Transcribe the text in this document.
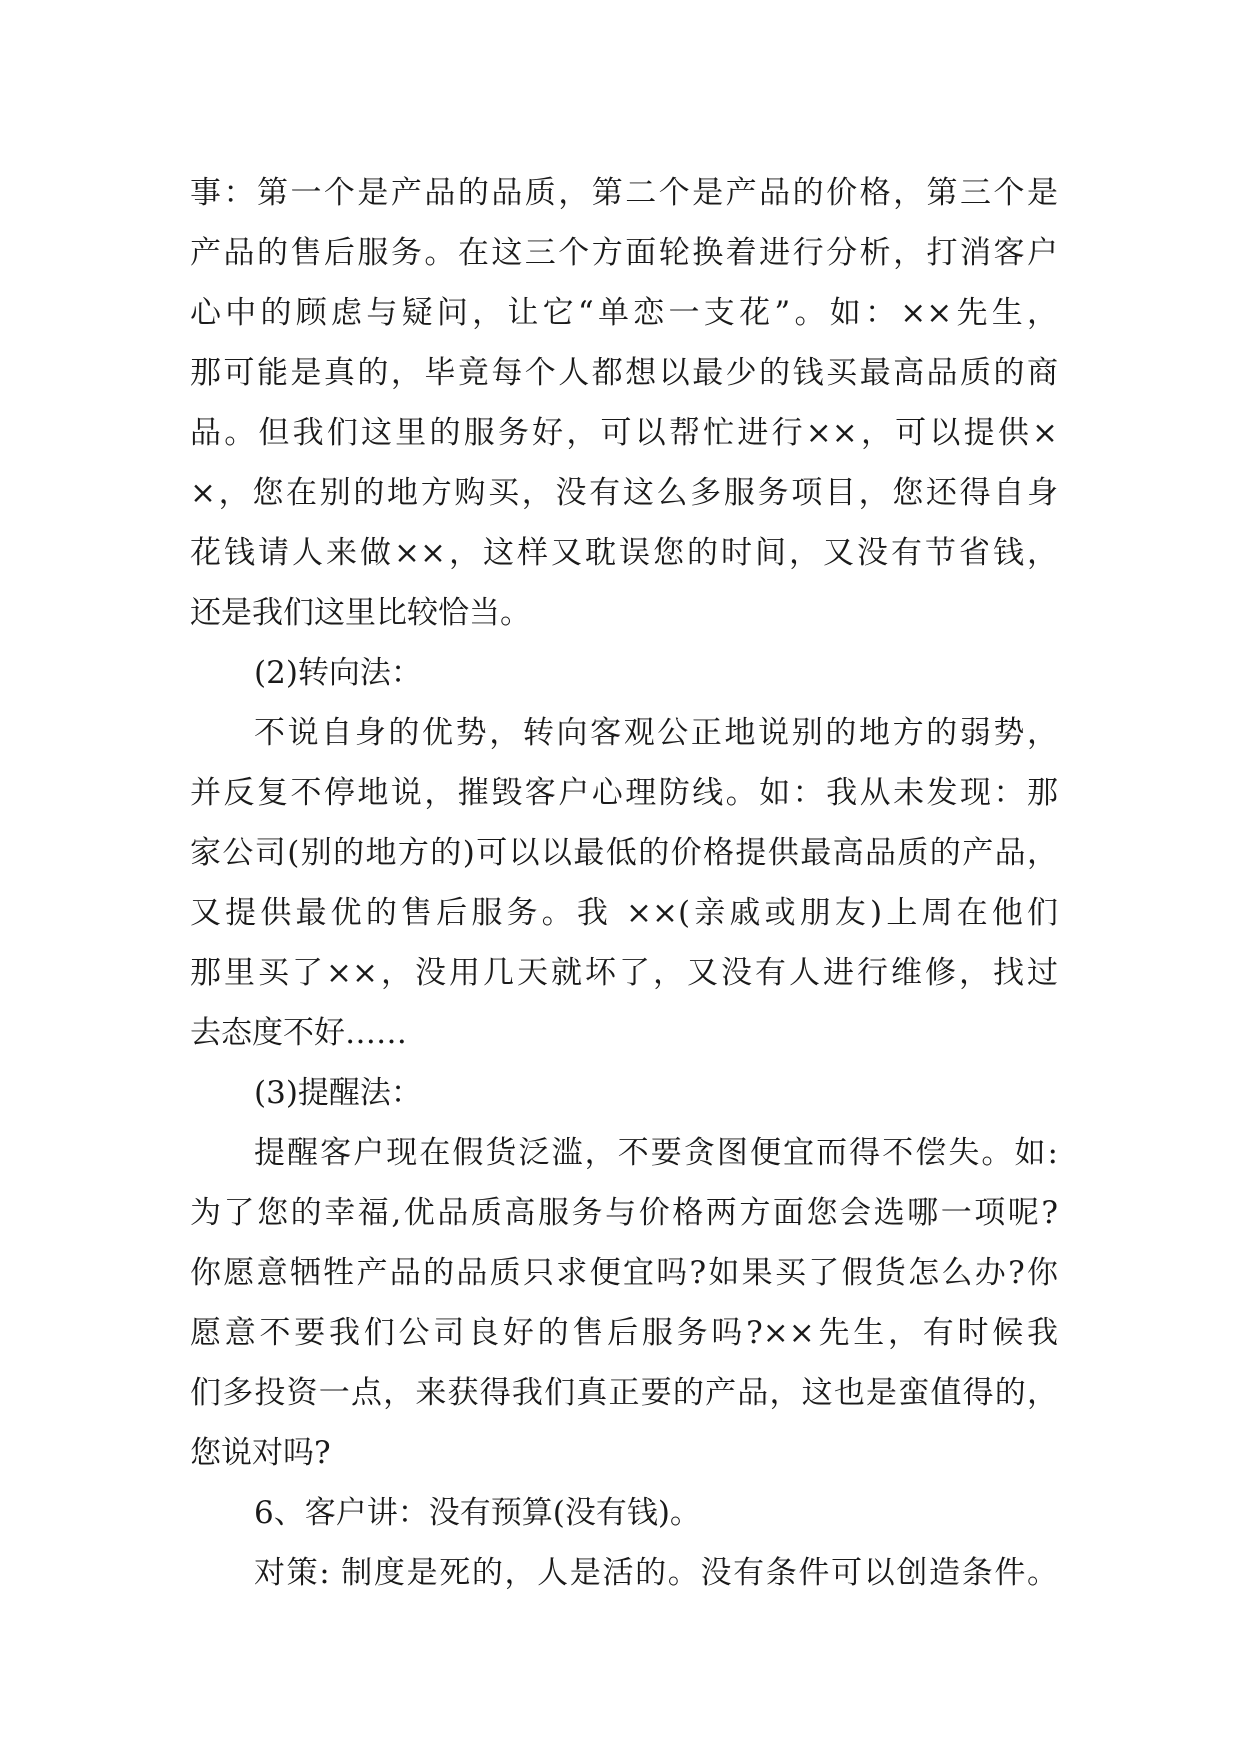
事：第一个是产品的品质，第二个是产品的价格，第三个是
产品的售后服务。在这三个方面轮换着进行分析，打消客户
心中的顾虑与疑问，让它“单恋一支花”。如：××先生，
那可能是真的，毕竟每个人都想以最少的钱买最高品质的商
品。但我们这里的服务好，可以帮忙进行××，可以提供×
×，您在别的地方购买，没有这么多服务项目，您还得自身
花钱请人来做××，这样又耽误您的时间，又没有节省钱，
还是我们这里比较恰当。
(2)转向法：
不说自身的优势，转向客观公正地说别的地方的弱势，
并反复不停地说，摧毁客户心理防线。如：我从未发现：那
家公司(别的地方的)可以以最低的价格提供最高品质的产品，
又提供最优的售后服务。我 ××(亲戚或朋友)上周在他们
那里买了××，没用几天就坏了，又没有人进行维修，找过
去态度不好……
(3)提醒法：
提醒客户现在假货泛滥，不要贪图便宜而得不偿失。如:
为了您的幸福,优品质高服务与价格两方面您会选哪一项呢?
你愿意牺牲产品的品质只求便宜吗?如果买了假货怎么办?你
愿意不要我们公司良好的售后服务吗?××先生，有时候我
们多投资一点，来获得我们真正要的产品，这也是蛮值得的，
您说对吗?
6、客户讲：没有预算(没有钱)。
对策: 制度是死的，人是活的。没有条件可以创造条件。
